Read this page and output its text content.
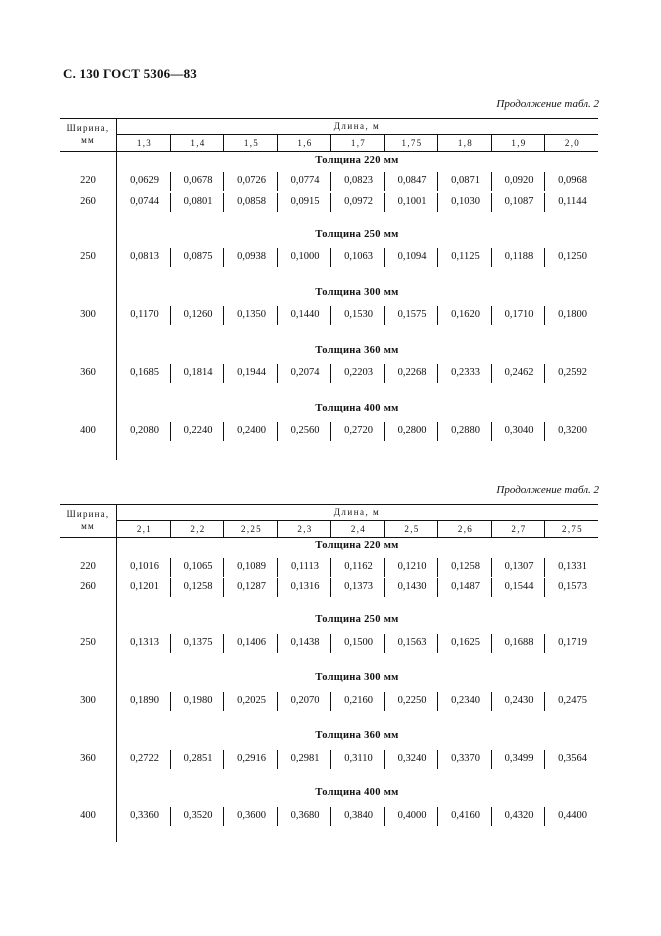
С. 130 ГОСТ 5306—83
Продолжение табл. 2
Ширина,
мм
Длина, м
1,3	1,4	1,5	1,6	1,7	1,75	1,8	1,9	2,0
Толщина 220 мм
220	0,0629	0,0678	0,0726	0,0774	0,0823	0,0847	0,0871	0,0920	0,0968
260	0,0744	0,0801	0,0858	0,0915	0,0972	0,1001	0,1030	0,1087	0,1144
Толщина 250 мм
250	0,0813	0,0875	0,0938	0,1000	0,1063	0,1094	0,1125	0,1188	0,1250
Толщина 300 мм
300	0,1170	0,1260	0,1350	0,1440	0,1530	0,1575	0,1620	0,1710	0,1800
Толщина 360 мм
360	0,1685	0,1814	0,1944	0,2074	0,2203	0,2268	0,2333	0,2462	0,2592
Толщина 400 мм
400	0,2080	0,2240	0,2400	0,2560	0,2720	0,2800	0,2880	0,3040	0,3200
Продолжение табл. 2
Ширина,
мм
Длина, м
2,1	2,2	2,25	2,3	2,4	2,5	2,6	2,7	2,75
Толщина 220 мм
220	0,1016	0,1065	0,1089	0,1113	0,1162	0,1210	0,1258	0,1307	0,1331
260	0,1201	0,1258	0,1287	0,1316	0,1373	0,1430	0,1487	0,1544	0,1573
Толщина 250 мм
250	0,1313	0,1375	0,1406	0,1438	0,1500	0,1563	0,1625	0,1688	0,1719
Толщина 300 мм
300	0,1890	0,1980	0,2025	0,2070	0,2160	0,2250	0,2340	0,2430	0,2475
Толщина 360 мм
360	0,2722	0,2851	0,2916	0,2981	0,3110	0,3240	0,3370	0,3499	0,3564
Толщина 400 мм
400	0,3360	0,3520	0,3600	0,3680	0,3840	0,4000	0,4160	0,4320	0,4400
